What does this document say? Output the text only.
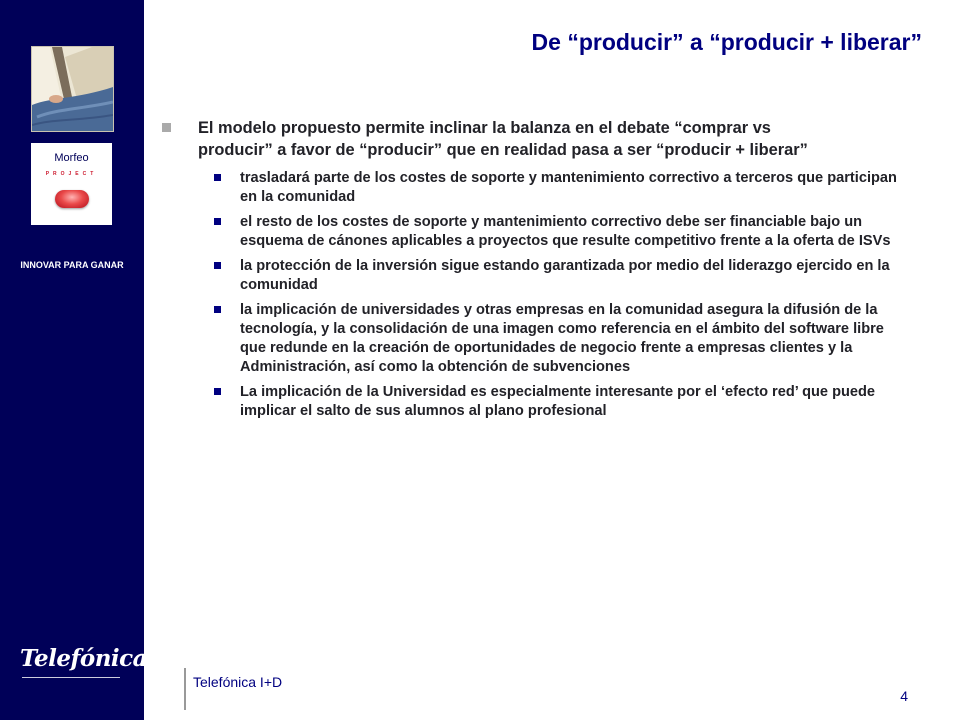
Morfeo
PROJECT
INNOVAR PARA GANAR
Telefónica
De “producir” a “producir + liberar”
El modelo propuesto permite inclinar la balanza en el debate “comprar vs producir” a favor de “producir” que en realidad pasa a ser “producir + liberar”
trasladará parte de los costes de soporte y mantenimiento correctivo a terceros que participan en la comunidad
el resto de los costes de soporte y mantenimiento correctivo debe ser financiable bajo un esquema de cánones aplicables a proyectos que resulte competitivo frente a la oferta de ISVs
la protección de la inversión sigue estando garantizada por medio del liderazgo ejercido en la comunidad
la implicación de universidades y otras empresas en la comunidad asegura la difusión de la tecnología, y la consolidación de una imagen como referencia en el ámbito del software libre que redunde en la creación de oportunidades de negocio frente a empresas clientes y la Administración, así como la obtención de subvenciones
La implicación de la Universidad es especialmente interesante por el ‘efecto red’ que puede implicar el salto de sus alumnos al plano profesional
Telefónica I+D
4
